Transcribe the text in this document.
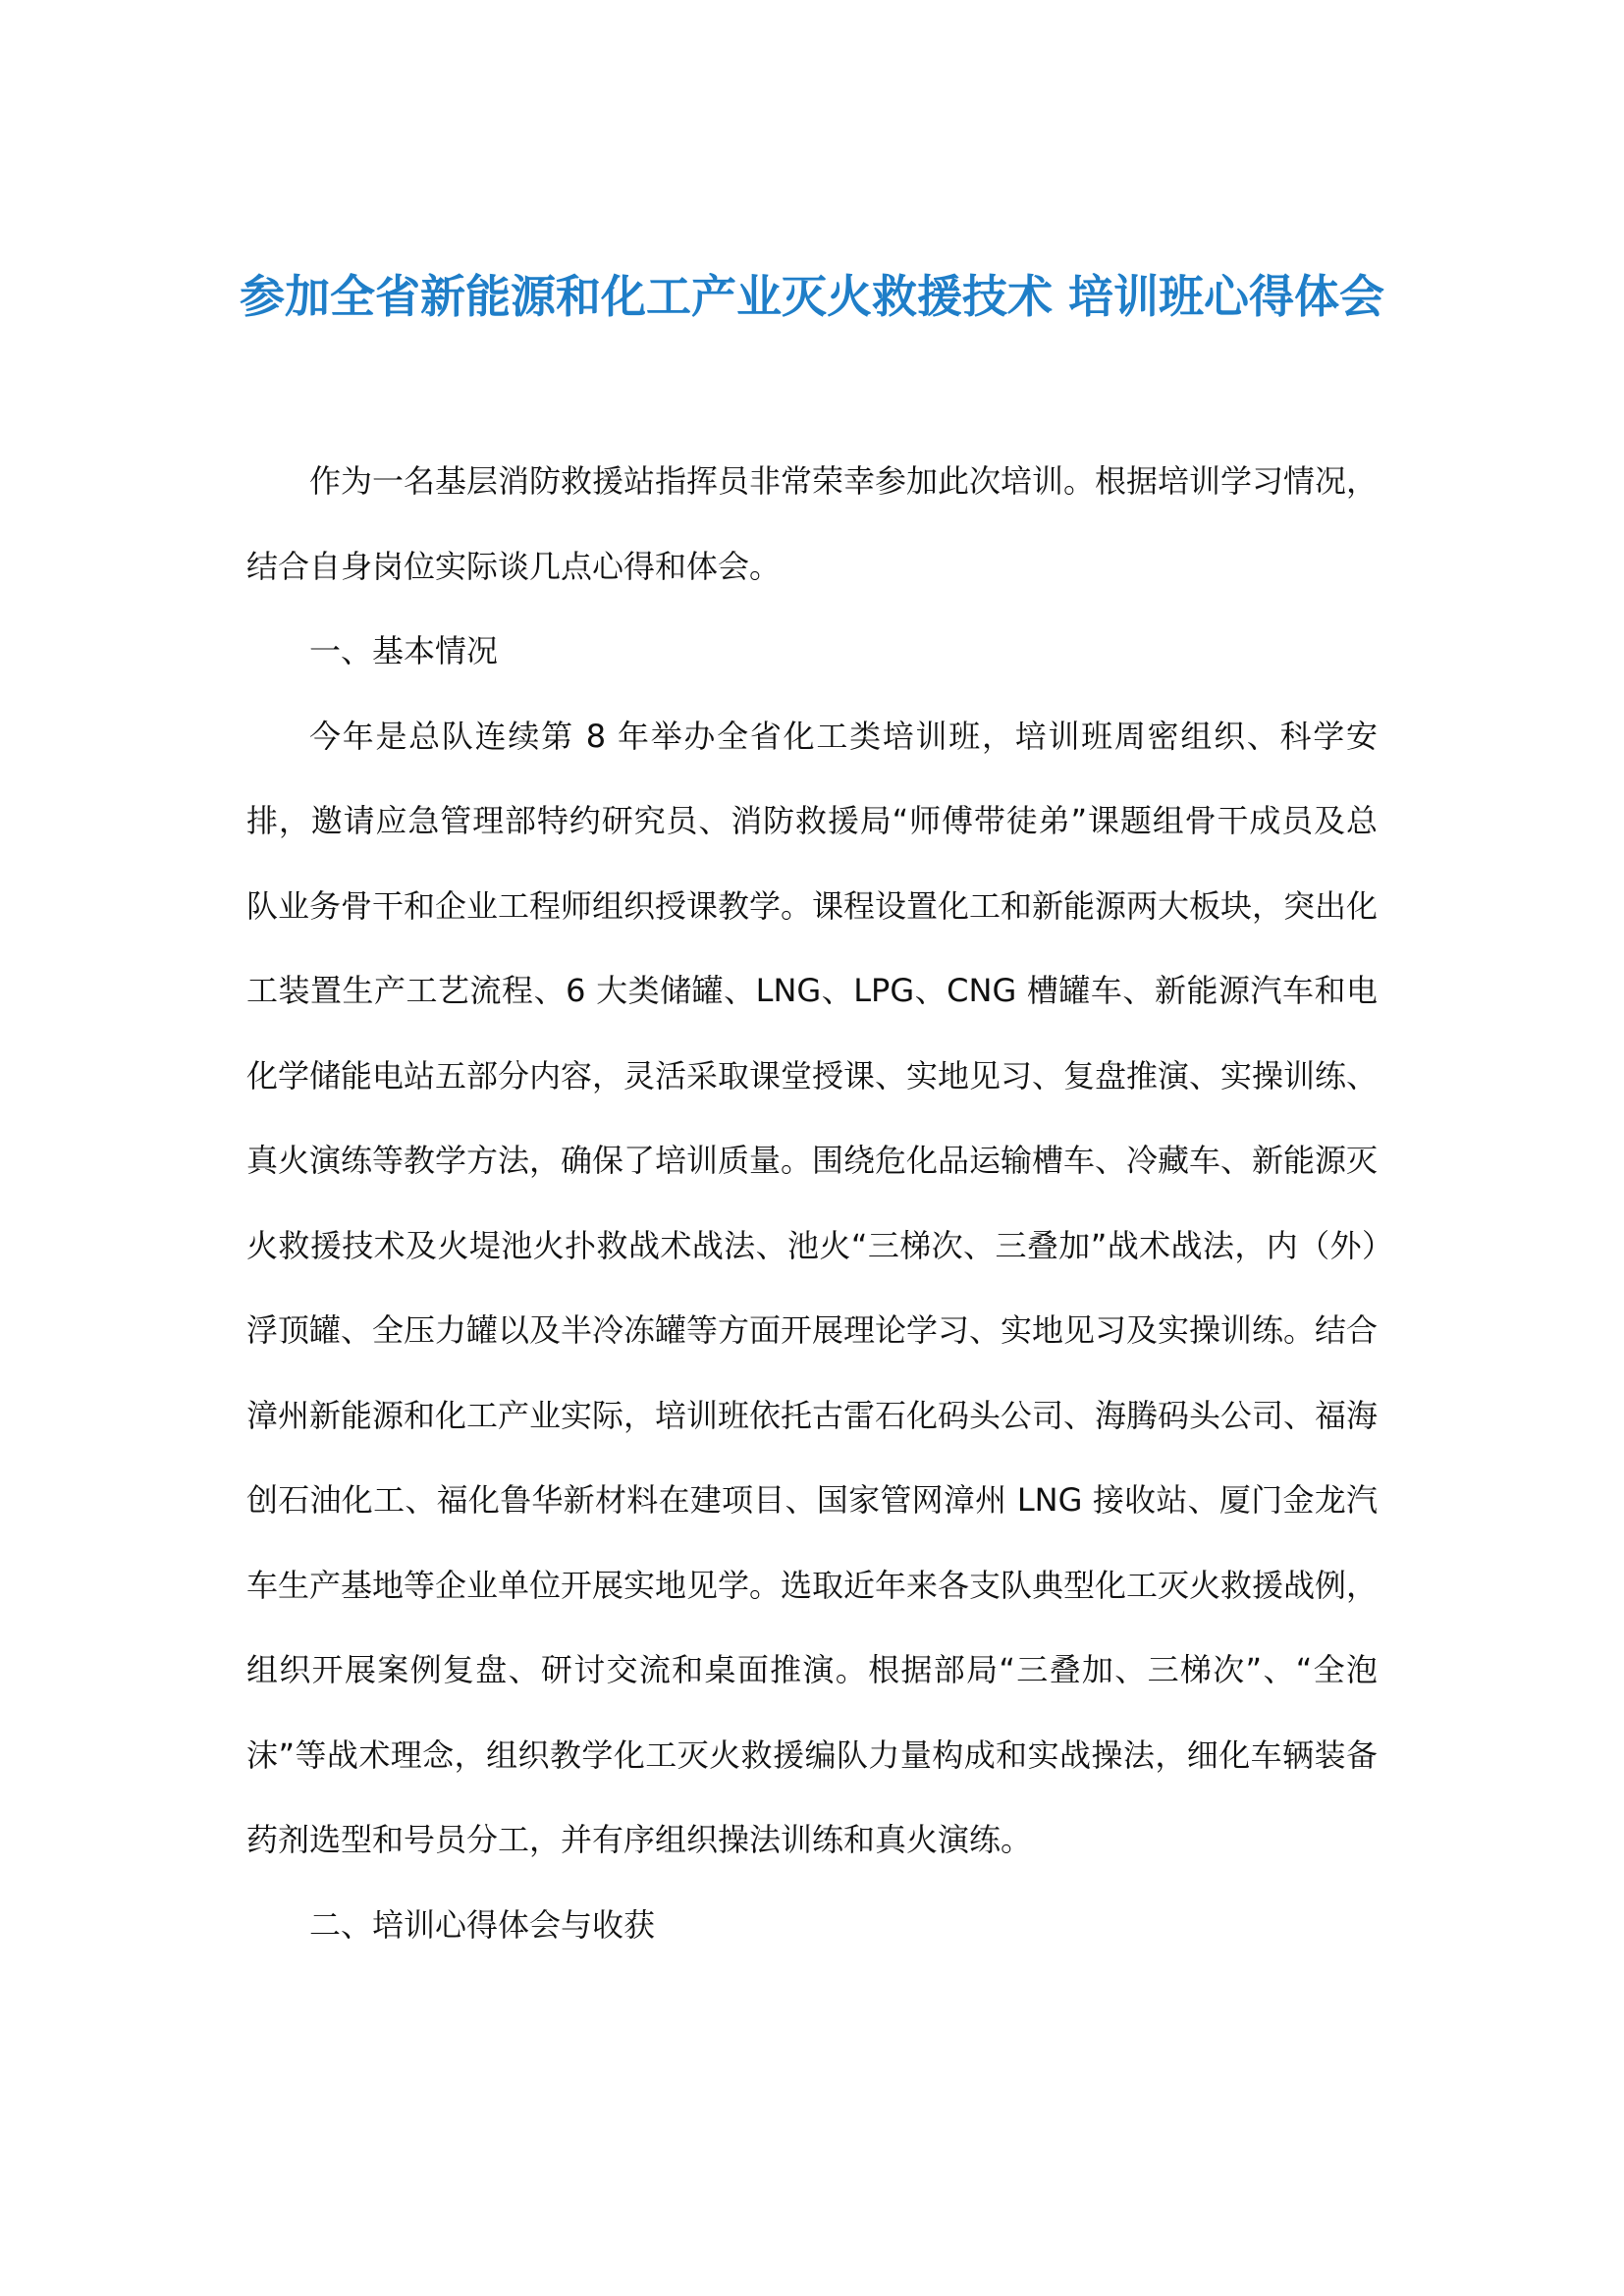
参加全省新能源和化工产业灭火救援技术 培训班心得体会

作为一名基层消防救援站指挥员非常荣幸参加此次培训。根据培训学习情况，结合自身岗位实际谈几点心得和体会。

一、基本情况

今年是总队连续第 8 年举办全省化工类培训班，培训班周密组织、科学安排，邀请应急管理部特约研究员、消防救援局“师傅带徒弟”课题组骨干成员及总队业务骨干和企业工程师组织授课教学。课程设置化工和新能源两大板块，突出化工装置生产工艺流程、6 大类储罐、LNG、LPG、CNG 槽罐车、新能源汽车和电化学储能电站五部分内容，灵活采取课堂授课、实地见习、复盘推演、实操训练、真火演练等教学方法，确保了培训质量。围绕危化品运输槽车、冷藏车、新能源灭火救援技术及火堤池火扑救战术战法、池火“三梯次、三叠加”战术战法，内（外）浮顶罐、全压力罐以及半冷冻罐等方面开展理论学习、实地见习及实操训练。结合漳州新能源和化工产业实际，培训班依托古雷石化码头公司、海腾码头公司、福海创石油化工、福化鲁华新材料在建项目、国家管网漳州 LNG 接收站、厦门金龙汽车生产基地等企业单位开展实地见学。选取近年来各支队典型化工灭火救援战例，组织开展案例复盘、研讨交流和桌面推演。根据部局“三叠加、三梯次”、“全泡沫”等战术理念，组织教学化工灭火救援编队力量构成和实战操法，细化车辆装备药剂选型和号员分工，并有序组织操法训练和真火演练。

二、培训心得体会与收获
